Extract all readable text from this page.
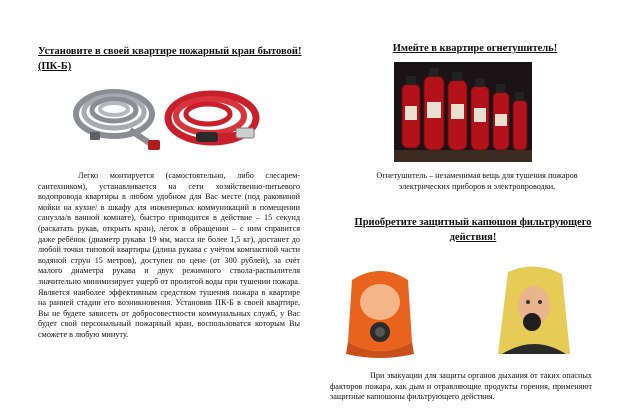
Установите в своей квартире пожарный кран бытовой! (ПК-Б)

Легко монтируется (самостоятельно, либо слесарем-сантехником), устанавливается на сети хозяйственно-питьевого водопровода квартиры в любом удобном для Вас месте (под раковиной мойки на кухне/ в шкафу для инженерных коммуникаций в помещении санузла/в ванной комнате), быстро приводится в действие – 15 секунд (раскатать рукав, открыть кран), легок в обращении – с ним справится даже ребёнок (диаметр рукава 19 мм, масса не более 1,5 кг), достанет до любой точки типовой квартиры (длина рукава с учётом компактной части водяной струн 15 метров), доступен по цене (от 300 рублей), за счёт малого диаметра рукава и двух режимного ствола-распылителя значительно минимизирует ущерб от пролитой воды при тушении пожара. Является наиболее эффективным средством тушения пожара в квартире на ранней стадии его возникновения. Установив ПК-Б в своей квартире, Вы не будете зависеть от добросовестности коммунальных служб, у Вас будет свой персональный пожарный кран, воспользоватся которым Вы сможете в любую минуту.

Имейте в квартире огнетушитель!
Огнетушитель – незаменимая вещь для тушения пожаров электрических приборов и электропроводки.
Приобретите защитный капюшон фильтрующего действия!
При эвакуации для защиты органов дыхания от таких опасных факторов пожара, как дым и отравляющие продукты горения, применяют защитные капюшоны фильтрующего действия.
